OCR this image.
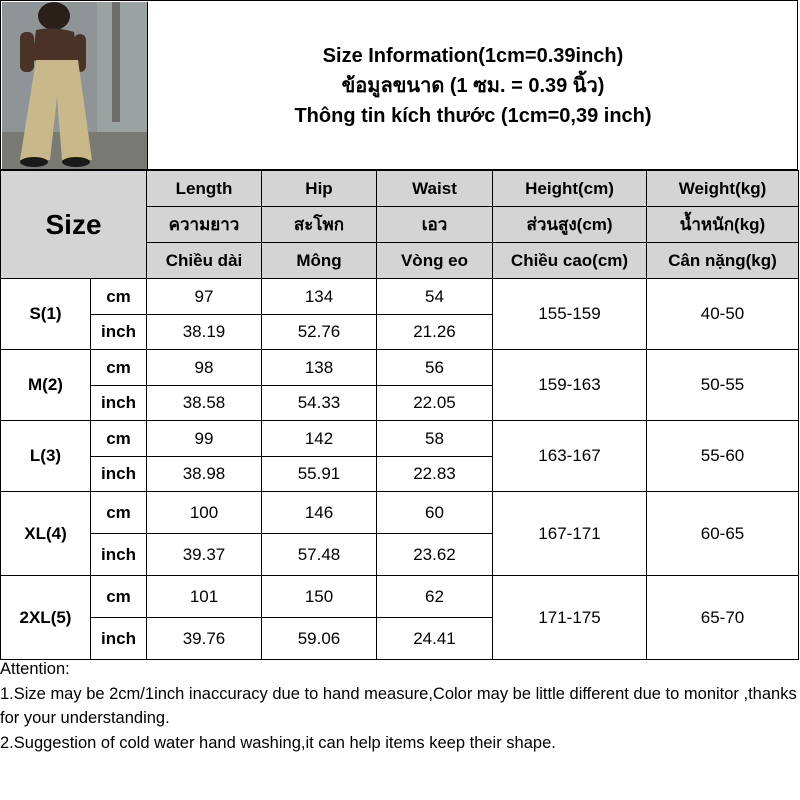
Size Information(1cm=0.39inch)
ข้อมูลขนาด (1 ซม. = 0.39 นิ้ว)
Thông tin kích thước (1cm=0,39 inch)
Size		Length	Hip	Waist	Height(cm)	Weight(kg)
		ความยาว	สะโพก	เอว	ส่วนสูง(cm)	น้ำหนัก(kg)
		Chiều dài	Mông	Vòng eo	Chiều cao(cm)	Cân nặng(kg)
S(1)	cm	97	134	54	155-159	40-50
	inch	38.19	52.76	21.26		
M(2)	cm	98	138	56	159-163	50-55
	inch	38.58	54.33	22.05		
L(3)	cm	99	142	58	163-167	55-60
	inch	38.98	55.91	22.83		
XL(4)	cm	100	146	60	167-171	60-65
	inch	39.37	57.48	23.62		
2XL(5)	cm	101	150	62	171-175	65-70
	inch	39.76	59.06	24.41		

Attention:

1.Size may be 2cm/1inch inaccuracy due to hand measure,Color may be little different due to monitor ,thanks for your understanding.

2.Suggestion of cold water hand washing,it can help items keep their shape.
